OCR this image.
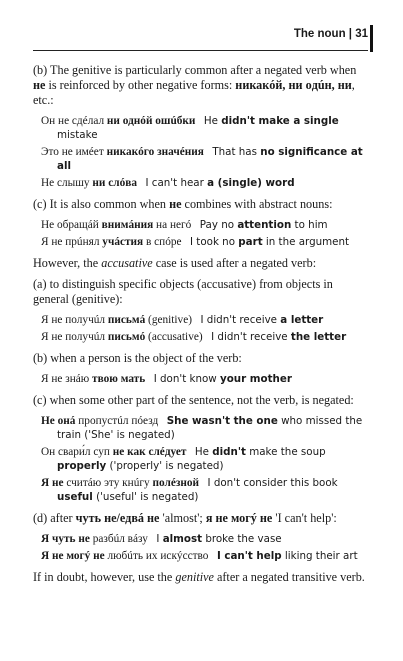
The noun | 31

(b) The genitive is particularly common after a negated verb when не is reinforced by other negative forms: никакóй, ни oдúн, ни, etc.:

Он не сдéлал ни однóй oшúбки He didn't make a single
mistake
Это не имéет никакóго значéния That has no significance at
all
Не слышу ни слóва I can't hear a (single) word

(c) It is also common when не combines with abstract nouns:

Не обращáй внимáния на негó Pay no attention to him
Я не прúнял учáстия в спóре I took no part in the argument

However, the accusative case is used after a negated verb:

(a) to distinguish specific objects (accusative) from objects in general (genitive):

Я не получúл письмá (genitive) I didn't receive a letter
Я не получúл письмó (accusative) I didn't receive the letter

(b) when a person is the object of the verb:

Я не знáю твою мать I don't know your mother

(c) when some other part of the sentence, not the verb, is negated:

Не онá пропустúл пóезд She wasn't the one who missed the
train ('She' is negated)
Он свари́л суп не как слéдует He didn't make the soup
properly ('properly' is negated)
Я не считáю эту кнúгу полéзной I don't consider this book
useful ('useful' is negated)

(d) after чуть не/едвá не 'almost'; я не могý не 'I can't help':

Я чуть не разбúл вáзу I almost broke the vase
Я не могý не любúть их искýсство I can't help liking their art

If in doubt, however, use the genitive after a negated transitive verb.
